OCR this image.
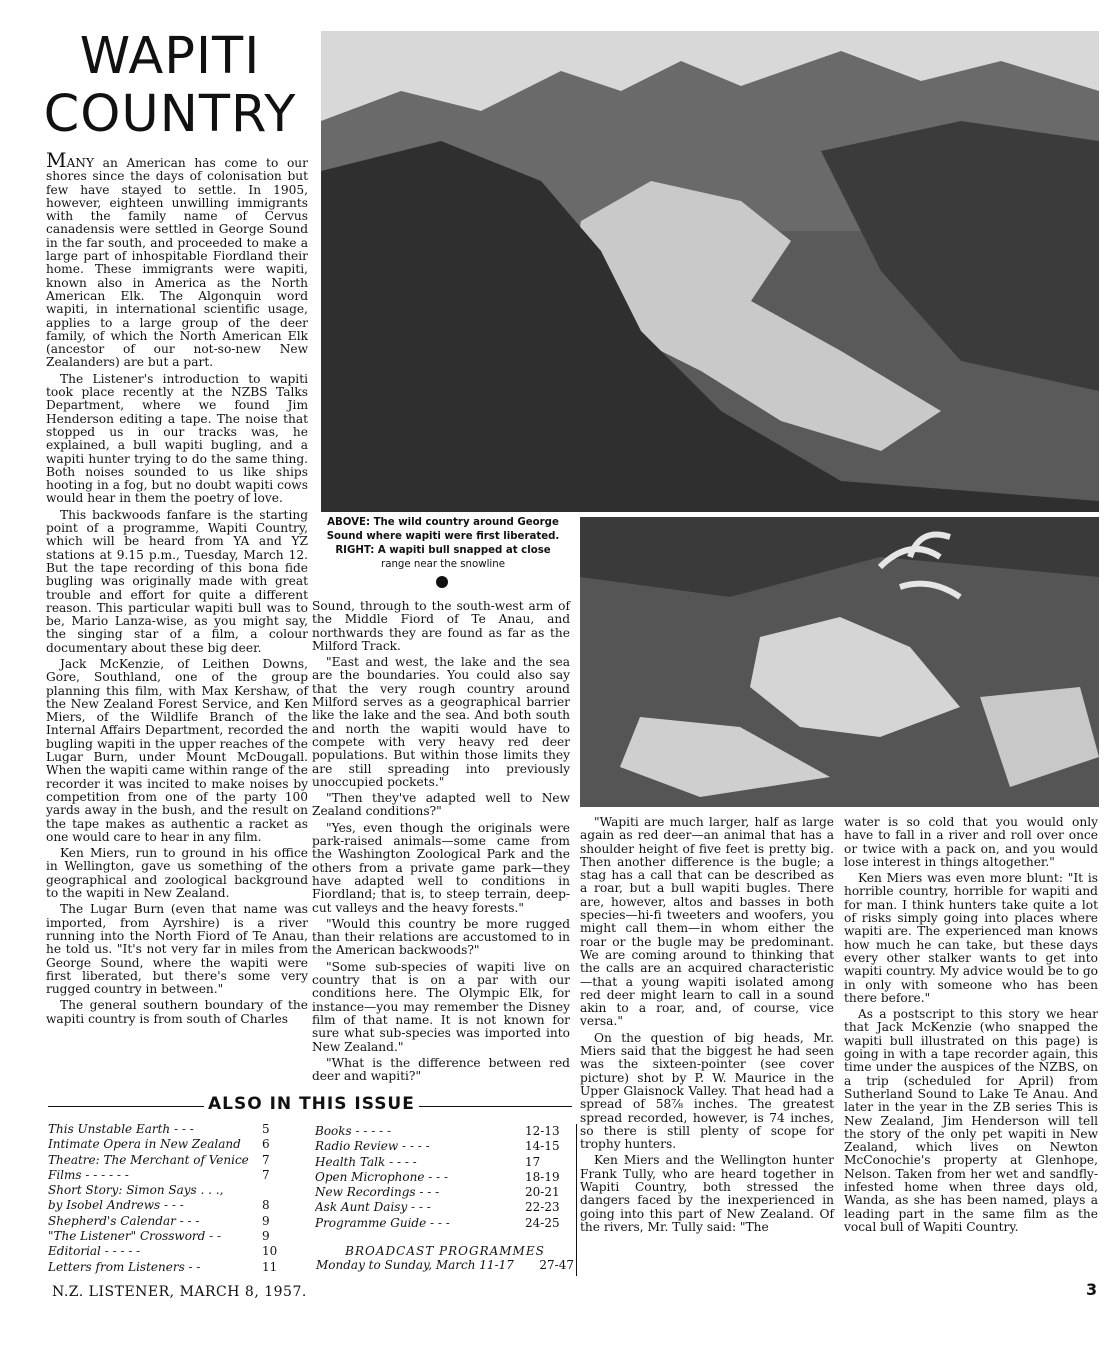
WAPITI
COUNTRY

MANY an American has come to our shores since the days of colonisation but few have stayed to settle. In 1905, however, eighteen unwilling immigrants with the family name of Cervus canadensis were settled in George Sound in the far south, and proceeded to make a large part of inhospitable Fiordland their home. These immigrants were wapiti, known also in America as the North American Elk. The Algonquin word wapiti, in international scientific usage, applies to a large group of the deer family, of which the North American Elk (ancestor of our not-so-new New Zealanders) are but a part.

The Listener's introduction to wapiti took place recently at the NZBS Talks Department, where we found Jim Henderson editing a tape. The noise that stopped us in our tracks was, he explained, a bull wapiti bugling, and a wapiti hunter trying to do the same thing. Both noises sounded to us like ships hooting in a fog, but no doubt wapiti cows would hear in them the poetry of love.

This backwoods fanfare is the starting point of a programme, Wapiti Country, which will be heard from YA and YZ stations at 9.15 p.m., Tuesday, March 12. But the tape recording of this bona fide bugling was originally made with great trouble and effort for quite a different reason. This particular wapiti bull was to be, Mario Lanza-wise, as you might say, the singing star of a film, a colour documentary about these big deer.

Jack McKenzie, of Leithen Downs, Gore, Southland, one of the group planning this film, with Max Kershaw, of the New Zealand Forest Service, and Ken Miers, of the Wildlife Branch of the Internal Affairs Department, recorded the bugling wapiti in the upper reaches of the Lugar Burn, under Mount McDougall. When the wapiti came within range of the recorder it was incited to make noises by competition from one of the party 100 yards away in the bush, and the result on the tape makes as authentic a racket as one would care to hear in any film.

Ken Miers, run to ground in his office in Wellington, gave us something of the geographical and zoological background to the wapiti in New Zealand.

The Lugar Burn (even that name was imported, from Ayrshire) is a river running into the North Fiord of Te Anau, he told us. "It's not very far in miles from George Sound, where the wapiti were first liberated, but there's some very rugged country in between."

The general southern boundary of the wapiti country is from south of Charles

ABOVE: The wild country around George
Sound where wapiti were first liberated.
RIGHT: A wapiti bull snapped at close
range near the snowline

Sound, through to the south-west arm of the Middle Fiord of Te Anau, and northwards they are found as far as the Milford Track.

"East and west, the lake and the sea are the boundaries. You could also say that the very rough country around Milford serves as a geographical barrier like the lake and the sea. And both south and north the wapiti would have to compete with very heavy red deer populations. But within those limits they are still spreading into previously unoccupied pockets."

"Then they've adapted well to New Zealand conditions?"

"Yes, even though the originals were park-raised animals—some came from the Washington Zoological Park and the others from a private game park—they have adapted well to conditions in Fiordland; that is, to steep terrain, deep-cut valleys and the heavy forests."

"Would this country be more rugged than their relations are accustomed to in the American backwoods?"

"Some sub-species of wapiti live on country that is on a par with our conditions here. The Olympic Elk, for instance—you may remember the Disney film of that name. It is not known for sure what sub-species was imported into New Zealand."

"What is the difference between red deer and wapiti?"

"Wapiti are much larger, half as large again as red deer—an animal that has a shoulder height of five feet is pretty big. Then another difference is the bugle; a stag has a call that can be described as a roar, but a bull wapiti bugles. There are, however, altos and basses in both species—hi-fi tweeters and woofers, you might call them—in whom either the roar or the bugle may be predominant. We are coming around to thinking that the calls are an acquired characteristic—that a young wapiti isolated among red deer might learn to call in a sound akin to a roar, and, of course, vice versa."

On the question of big heads, Mr. Miers said that the biggest he had seen was the sixteen-pointer (see cover picture) shot by P. W. Maurice in the Upper Glaisnock Valley. That head had a spread of 58⅞ inches. The greatest spread recorded, however, is 74 inches, so there is still plenty of scope for trophy hunters.

Ken Miers and the Wellington hunter Frank Tully, who are heard together in Wapiti Country, both stressed the dangers faced by the inexperienced in going into this part of New Zealand. Of the rivers, Mr. Tully said: "The

water is so cold that you would only have to fall in a river and roll over once or twice with a pack on, and you would lose interest in things altogether."

Ken Miers was even more blunt: "It is horrible country, horrible for wapiti and for man. I think hunters take quite a lot of risks simply going into places where wapiti are. The experienced man knows how much he can take, but these days every other stalker wants to get into wapiti country. My advice would be to go in only with someone who has been there before."

As a postscript to this story we hear that Jack McKenzie (who snapped the wapiti bull illustrated on this page) is going in with a tape recorder again, this time under the auspices of the NZBS, on a trip (scheduled for April) from Sutherland Sound to Lake Te Anau. And later in the year in the ZB series This is New Zealand, Jim Henderson will tell the story of the only pet wapiti in New Zealand, which lives on Newton McConochie's property at Glenhope, Nelson. Taken from her wet and sandfly-infested home when three days old, Wanda, as she has been named, plays a leading part in the same film as the vocal bull of Wapiti Country.

ALSO IN THIS ISSUE
This Unstable Earth - - -	5
Intimate Opera in New Zealand	6
Theatre: The Merchant of Venice	7
Films - - - - - -	7
Short Story: Simon Says . . .,
by Isobel Andrews - - -	8
Shepherd's Calendar - - -	9
"The Listener" Crossword - -	9
Editorial - - - - -	10
Letters from Listeners - -	11
Books - - - - -	12-13
Radio Review - - - -	14-15
Health Talk - - - -	17
Open Microphone - - -	18-19
New Recordings - - -	20-21
Ask Aunt Daisy - - -	22-23
Programme Guide - - -	24-25
BROADCAST PROGRAMMES
Monday to Sunday, March 11-17 27-47
N.Z. LISTENER, MARCH 8, 1957.	3
